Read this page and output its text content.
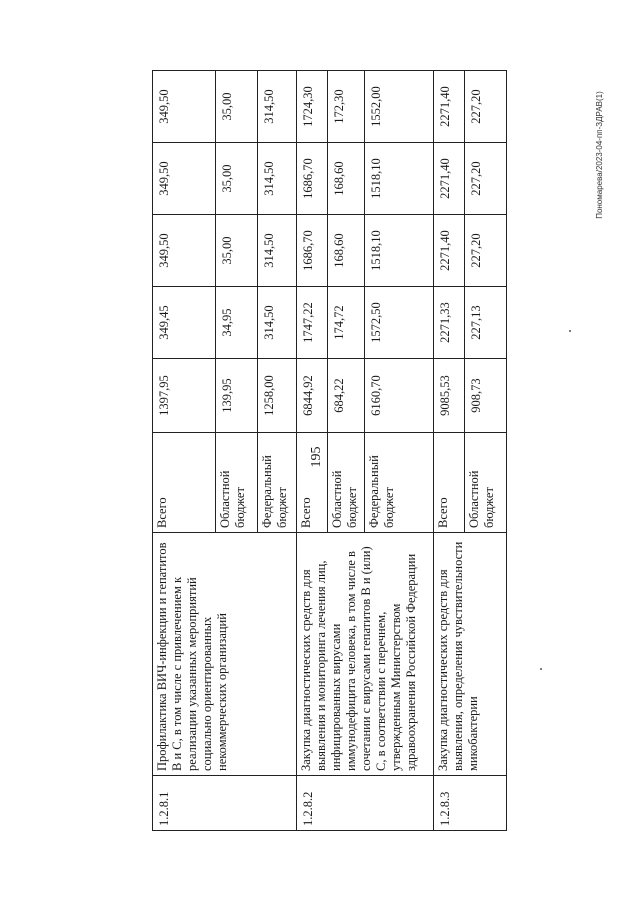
195
Пономарева/2023-04-пп-ЗДРАВ(1)
1.2.8.1	Профилактика ВИЧ-инфекции и гепатитов B и C, в том числе с привлечением к реализации указанных мероприятий социально ориентированных некоммерческих организаций	Всего	1397,95	349,45	349,50	349,50	349,50
		Областной бюджет	139,95	34,95	35,00	35,00	35,00
		Федеральный бюджет	1258,00	314,50	314,50	314,50	314,50
1.2.8.2	Закупка диагностических средств для выявления и мониторинга лечения лиц, инфицированных вирусами иммунодефицита человека, в том числе в сочетании с вирусами гепатитов B и (или) C, в соответствии с перечнем, утвержденным Министерством здравоохранения Российской Федерации	Всего	6844,92	1747,22	1686,70	1686,70	1724,30
		Областной бюджет	684,22	174,72	168,60	168,60	172,30
		Федеральный бюджет	6160,70	1572,50	1518,10	1518,10	1552,00
1.2.8.3	Закупка диагностических средств для выявления, определения чувствительности микобактерии	Всего	9085,53	2271,33	2271,40	2271,40	2271,40
		Областной бюджет	908,73	227,13	227,20	227,20	227,20
